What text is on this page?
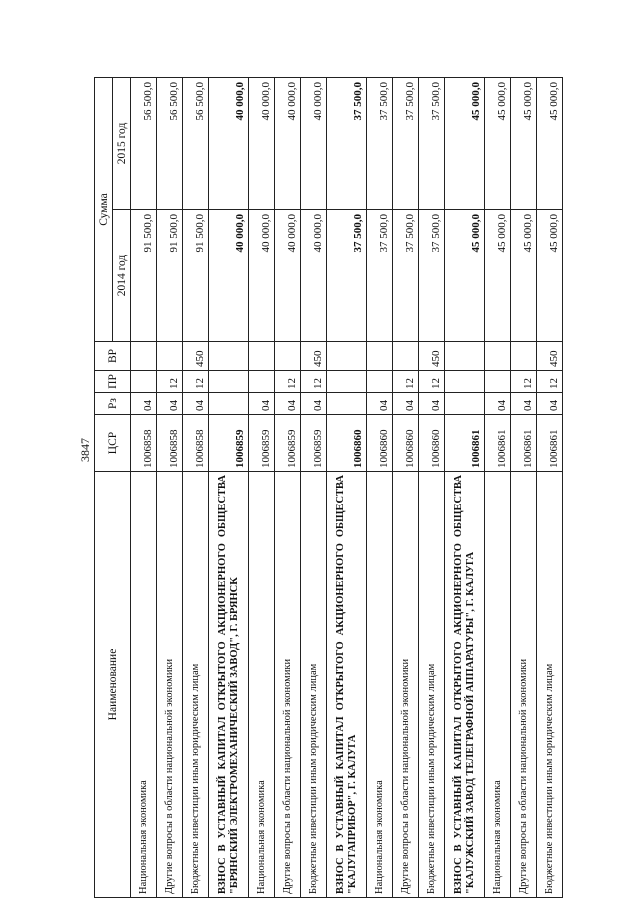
3847
Наименование	ЦСР	Рз	ПР	ВР	Сумма	
					2014 год	2015 год
Национальная экономика	1006858	04			91 500,0	56 500,0
Другие вопросы в области национальной экономики	1006858	04	12		91 500,0	56 500,0
Бюджетные инвестиции иным юридическим лицам	1006858	04	12	450	91 500,0	56 500,0
ВЗНОС В УСТАВНЫЙ КАПИТАЛ ОТКРЫТОГО АКЦИОНЕРНОГО ОБЩЕСТВА "БРЯНСКИЙ ЭЛЕКТРОМЕХАНИЧЕСКИЙ ЗАВОД", Г. БРЯНСК	1006859				40 000,0	40 000,0
Национальная экономика	1006859	04			40 000,0	40 000,0
Другие вопросы в области национальной экономики	1006859	04	12		40 000,0	40 000,0
Бюджетные инвестиции иным юридическим лицам	1006859	04	12	450	40 000,0	40 000,0
ВЗНОС В УСТАВНЫЙ КАПИТАЛ ОТКРЫТОГО АКЦИОНЕРНОГО ОБЩЕСТВА "КАЛУГАПРИБОР", Г. КАЛУГА	1006860				37 500,0	37 500,0
Национальная экономика	1006860	04			37 500,0	37 500,0
Другие вопросы в области национальной экономики	1006860	04	12		37 500,0	37 500,0
Бюджетные инвестиции иным юридическим лицам	1006860	04	12	450	37 500,0	37 500,0
ВЗНОС В УСТАВНЫЙ КАПИТАЛ ОТКРЫТОГО АКЦИОНЕРНОГО ОБЩЕСТВА "КАЛУЖСКИЙ ЗАВОД ТЕЛЕГРАФНОЙ АППАРАТУРЫ", Г. КАЛУГА	1006861				45 000,0	45 000,0
Национальная экономика	1006861	04			45 000,0	45 000,0
Другие вопросы в области национальной экономики	1006861	04	12		45 000,0	45 000,0
Бюджетные инвестиции иным юридическим лицам	1006861	04	12	450	45 000,0	45 000,0
